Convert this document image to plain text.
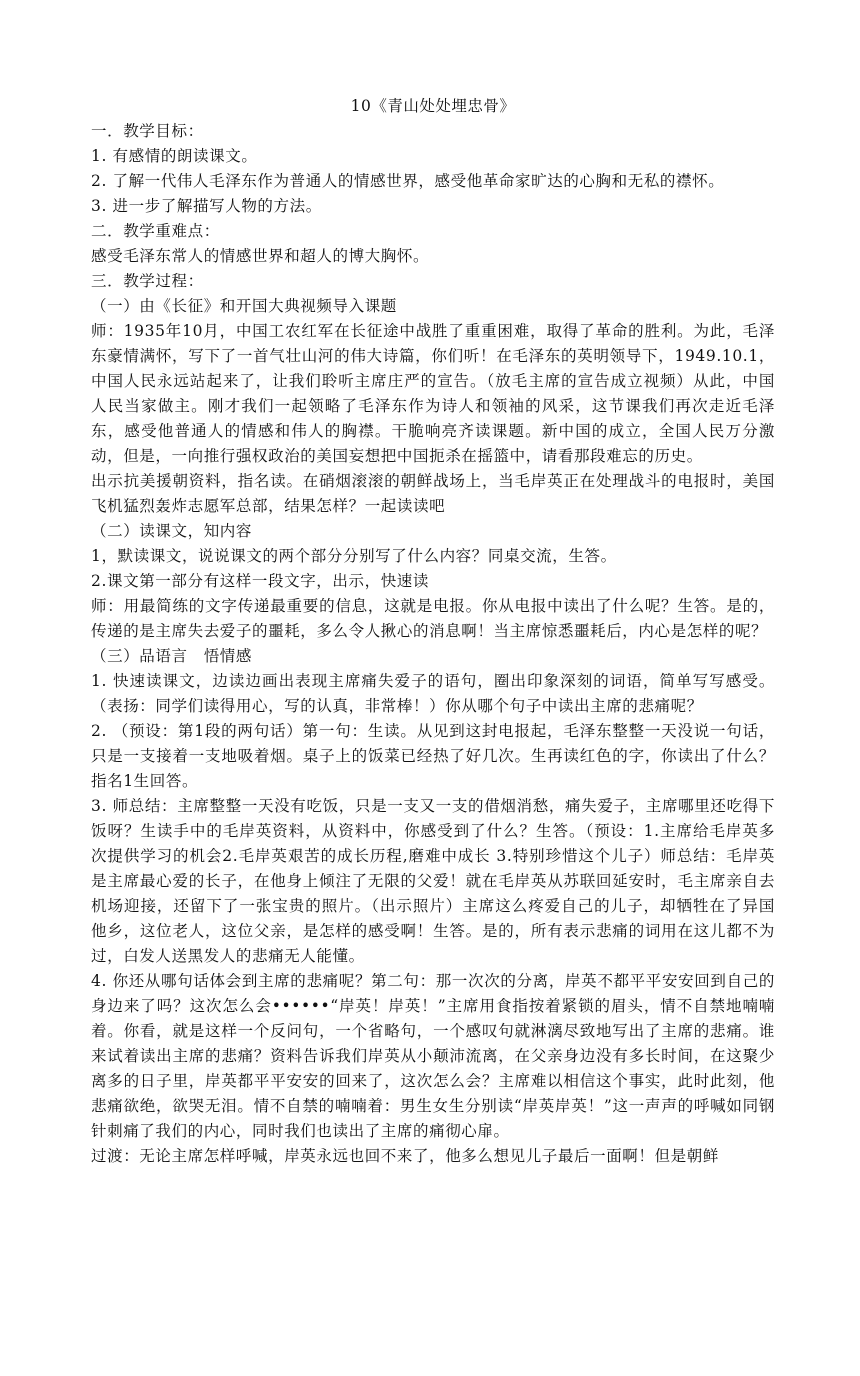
10《青山处处埋忠骨》

一．教学目标：

1. 有感情的朗读课文。

2. 了解一代伟人毛泽东作为普通人的情感世界，感受他革命家旷达的心胸和无私的襟怀。

3. 进一步了解描写人物的方法。

二．教学重难点：

感受毛泽东常人的情感世界和超人的博大胸怀。

三．教学过程：

（一）由《长征》和开国大典视频导入课题

师：1935年10月，中国工农红军在长征途中战胜了重重困难，取得了革命的胜利。为此，毛泽东豪情满怀，写下了一首气壮山河的伟大诗篇，你们听！在毛泽东的英明领导下，1949.10.1，中国人民永远站起来了，让我们聆听主席庄严的宣告。（放毛主席的宣告成立视频）从此，中国人民当家做主。刚才我们一起领略了毛泽东作为诗人和领袖的风采，这节课我们再次走近毛泽东，感受他普通人的情感和伟人的胸襟。干脆响亮齐读课题。新中国的成立，全国人民万分激动，但是，一向推行强权政治的美国妄想把中国扼杀在摇篮中，请看那段难忘的历史。

出示抗美援朝资料，指名读。在硝烟滚滚的朝鲜战场上，当毛岸英正在处理战斗的电报时，美国飞机猛烈轰炸志愿军总部，结果怎样？一起读读吧

（二）读课文，知内容

1，默读课文，说说课文的两个部分分别写了什么内容？同桌交流，生答。

2.课文第一部分有这样一段文字，出示，快速读

师：用最简练的文字传递最重要的信息，这就是电报。你从电报中读出了什么呢？生答。是的，传递的是主席失去爱子的噩耗，多么令人揪心的消息啊！当主席惊悉噩耗后，内心是怎样的呢？

（三）品语言　悟情感

1. 快速读课文，边读边画出表现主席痛失爱子的语句，圈出印象深刻的词语，简单写写感受。（表扬：同学们读得用心，写的认真，非常棒！）你从哪个句子中读出主席的悲痛呢？

2. （预设：第1段的两句话）第一句：生读。从见到这封电报起，毛泽东整整一天没说一句话，只是一支接着一支地吸着烟。桌子上的饭菜已经热了好几次。生再读红色的字，你读出了什么？指名1生回答。

3. 师总结：主席整整一天没有吃饭，只是一支又一支的借烟消愁，痛失爱子，主席哪里还吃得下饭呀？生读手中的毛岸英资料，从资料中，你感受到了什么？生答。（预设：1.主席给毛岸英多次提供学习的机会2.毛岸英艰苦的成长历程,磨难中成长 3.特别珍惜这个儿子）师总结：毛岸英是主席最心爱的长子，在他身上倾注了无限的父爱！就在毛岸英从苏联回延安时，毛主席亲自去机场迎接，还留下了一张宝贵的照片。（出示照片）主席这么疼爱自己的儿子，却牺牲在了异国他乡，这位老人，这位父亲，是怎样的感受啊！生答。是的，所有表示悲痛的词用在这儿都不为过，白发人送黑发人的悲痛无人能懂。

4. 你还从哪句话体会到主席的悲痛呢？第二句：那一次次的分离，岸英不都平平安安回到自己的身边来了吗？这次怎么会••••••“岸英！岸英！”主席用食指按着紧锁的眉头，情不自禁地喃喃着。你看，就是这样一个反问句，一个省略句，一个感叹句就淋漓尽致地写出了主席的悲痛。谁来试着读出主席的悲痛？资料告诉我们岸英从小颠沛流离，在父亲身边没有多长时间，在这聚少离多的日子里，岸英都平平安安的回来了，这次怎么会？主席难以相信这个事实，此时此刻，他悲痛欲绝，欲哭无泪。情不自禁的喃喃着：男生女生分别读“岸英岸英！”这一声声的呼喊如同钢针刺痛了我们的内心，同时我们也读出了主席的痛彻心扉。

过渡：无论主席怎样呼喊，岸英永远也回不来了，他多么想见儿子最后一面啊！但是朝鲜
